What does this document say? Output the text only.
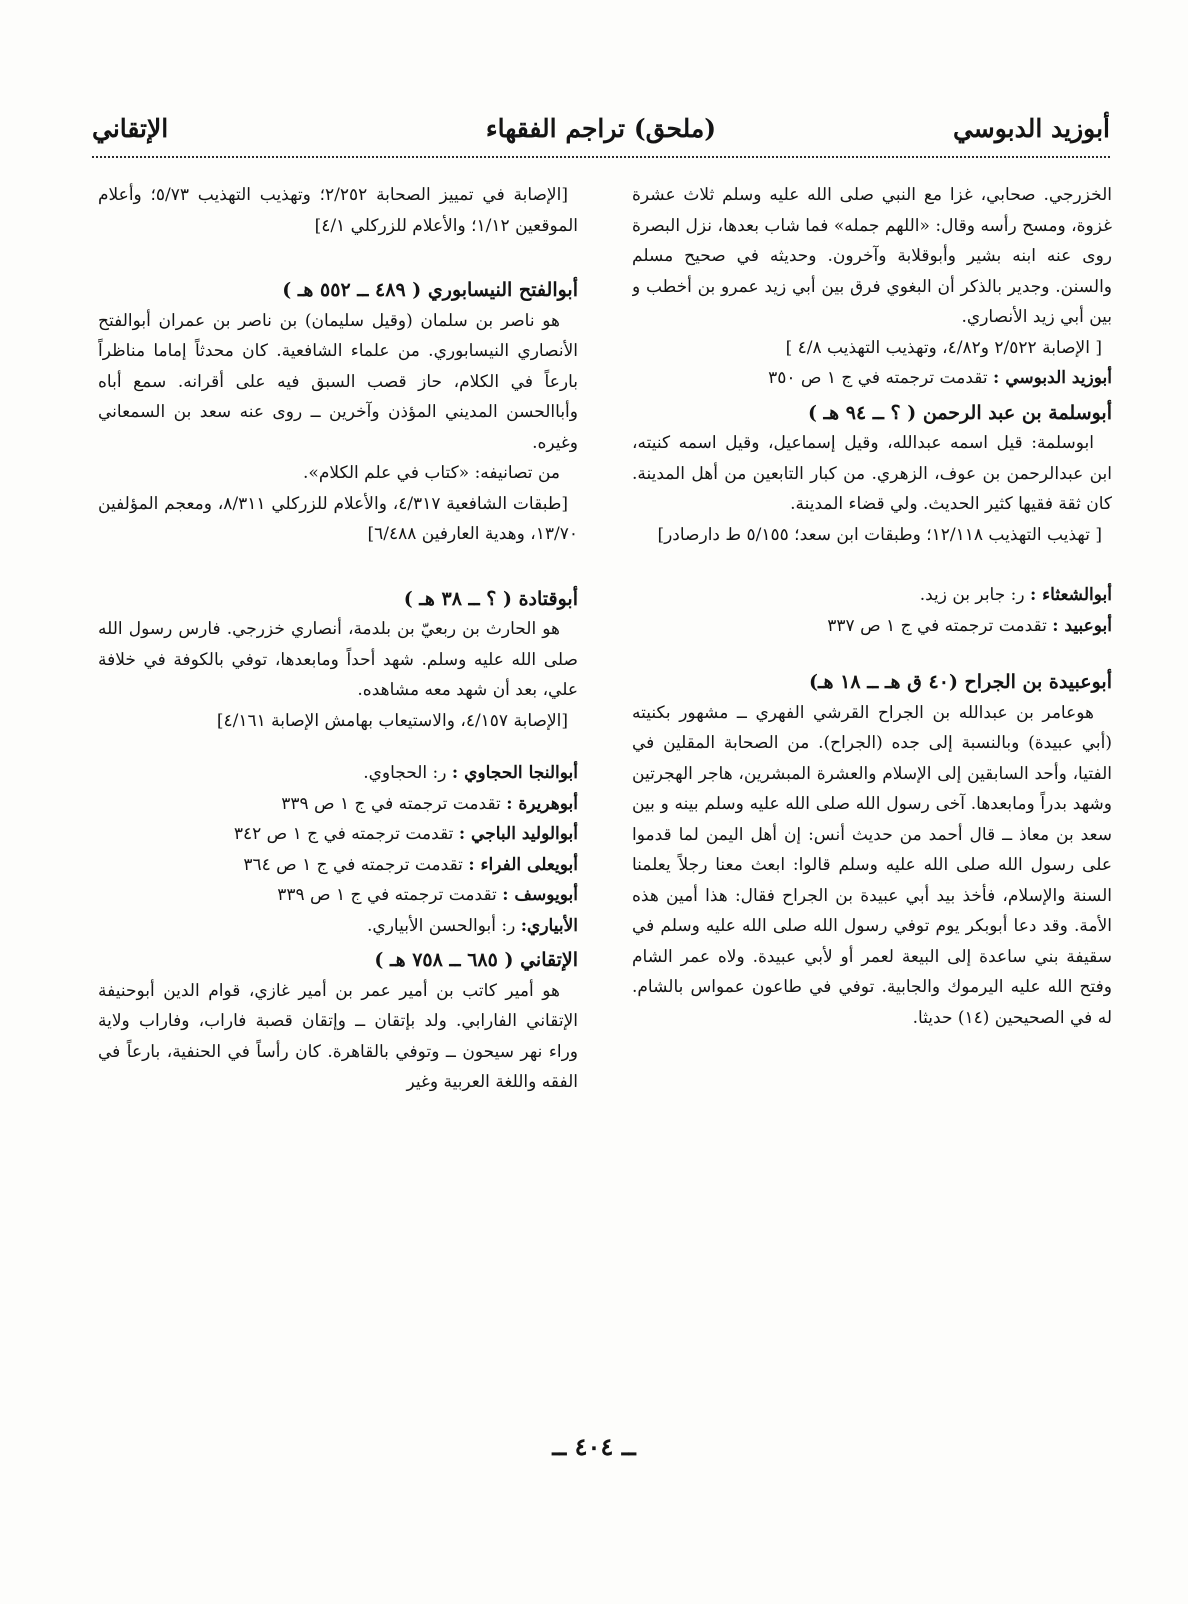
أبوزيد الدبوسي
(ملحق) تراجم الفقهاء
الإتقاني

الخزرجي. صحابي، غزا مع النبي صلى الله عليه وسلم ثلاث عشرة غزوة، ومسح رأسه وقال: «اللهم جمله» فما شاب بعدها، نزل البصرة روى عنه ابنه بشير وأبوقلابة وآخرون. وحديثه في صحيح مسلم والسنن. وجدير بالذكر أن البغوي فرق بين أبي زيد عمرو بن أخطب و بين أبي زيد الأنصاري.

[ الإصابة ٢/٥٢٢ و٤/٨٢، وتهذيب التهذيب ٤/٨ ]

أبوزيد الدبوسي : تقدمت ترجمته في ج ١ ص ٣٥٠

أبوسلمة بن عبد الرحمن ( ؟ ــ ٩٤ هـ )

ابوسلمة: قيل اسمه عبدالله، وقيل إسماعيل، وقيل اسمه كنيته، ابن عبدالرحمن بن عوف، الزهري. من كبار التابعين من أهل المدينة. كان ثقة فقيها كثير الحديث. ولي قضاء المدينة.

[ تهذيب التهذيب ١٢/١١٨؛ وطبقات ابن سعد؛ ٥/١٥٥ ط دارصادر]

أبوالشعثاء : ر: جابر بن زيد.

أبوعبيد : تقدمت ترجمته في ج ١ ص ٣٣٧

أبوعبيدة بن الجراح (٤٠ ق هـ ــ ١٨ هـ)

هوعامر بن عبدالله بن الجراح القرشي الفهري ــ مشهور بكنيته (أبي عبيدة) وبالنسبة إلى جده (الجراح). من الصحابة المقلين في الفتيا، وأحد السابقين إلى الإسلام والعشرة المبشرين، هاجر الهجرتين وشهد بدراً ومابعدها. آخى رسول الله صلى الله عليه وسلم بينه و بين سعد بن معاذ ــ قال أحمد من حديث أنس: إن أهل اليمن لما قدموا على رسول الله صلى الله عليه وسلم قالوا: ابعث معنا رجلاً يعلمنا السنة والإسلام، فأخذ بيد أبي عبيدة بن الجراح فقال: هذا أمين هذه الأمة. وقد دعا أبوبكر يوم توفي رسول الله صلى الله عليه وسلم في سقيفة بني ساعدة إلى البيعة لعمر أو لأبي عبيدة. ولاه عمر الشام وفتح الله عليه اليرموك والجابية. توفي في طاعون عمواس بالشام. له في الصحيحين (١٤) حديثا.

[الإصابة في تمييز الصحابة ٢/٢٥٢؛ وتهذيب التهذيب ٥/٧٣؛ وأعلام الموقعين ١/١٢؛ والأعلام للزركلي ٤/١]

أبوالفتح النيسابوري ( ٤٨٩ ــ ٥٥٢ هـ )

هو ناصر بن سلمان (وقيل سليمان) بن ناصر بن عمران أبوالفتح الأنصاري النيسابوري. من علماء الشافعية. كان محدثاً إماما مناظراً بارعاً في الكلام، حاز قصب السبق فيه على أقرانه. سمع أباه وأباالحسن المديني المؤذن وآخرين ــ روى عنه سعد بن السمعاني وغيره.

من تصانيفه: «كتاب في علم الكلام».

[طبقات الشافعية ٤/٣١٧، والأعلام للزركلي ٨/٣١١، ومعجم المؤلفين ١٣/٧٠، وهدية العارفين ٦/٤٨٨]

أبوقتادة ( ؟ ــ ٣٨ هـ )

هو الحارث بن ربعيّ بن بلدمة، أنصاري خزرجي. فارس رسول الله صلى الله عليه وسلم. شهد أحداً ومابعدها، توفي بالكوفة في خلافة علي، بعد أن شهد معه مشاهده.

[الإصابة ٤/١٥٧، والاستيعاب بهامش الإصابة ٤/١٦١]

أبوالنجا الحجاوي : ر: الحجاوي.

أبوهريرة : تقدمت ترجمته في ج ١ ص ٣٣٩

أبوالوليد الباجي : تقدمت ترجمته في ج ١ ص ٣٤٢

أبويعلى الفراء : تقدمت ترجمته في ج ١ ص ٣٦٤

أبويوسف : تقدمت ترجمته في ج ١ ص ٣٣٩

الأبياري: ر: أبوالحسن الأبياري.

الإتقاني ( ٦٨٥ ــ ٧٥٨ هـ )

هو أمير كاتب بن أمير عمر بن أمير غازي، قوام الدين أبوحنيفة الإتقاني الفارابي. ولد بإتقان ــ وإتقان قصبة فاراب، وفاراب ولاية وراء نهر سيحون ــ وتوفي بالقاهرة. كان رأساً في الحنفية، بارعاً في الفقه واللغة العربية وغير

ــ ٤٠٤ ــ
